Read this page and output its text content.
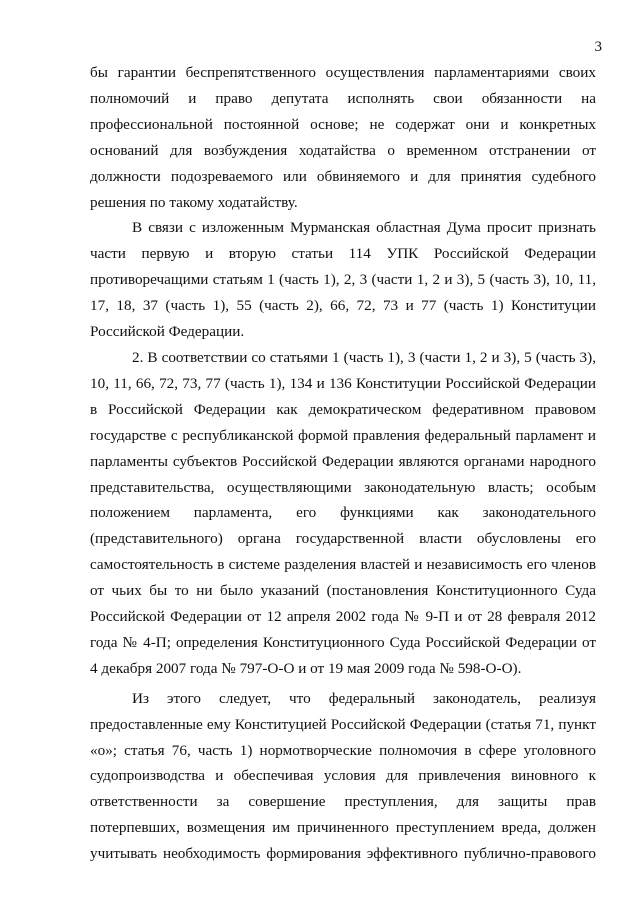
3

бы гарантии беспрепятственного осуществления парламентариями своих
полномочий и право депутата исполнять свои обязанности на
профессиональной постоянной основе; не содержат они и конкретных
оснований для возбуждения ходатайства о временном отстранении от
должности подозреваемого или обвиняемого и для принятия судебного
решения по такому ходатайству.

В связи с изложенным Мурманская областная Дума просит признать
части первую и вторую статьи 114 УПК Российской Федерации
противоречащими статьям 1 (часть 1), 2, 3 (части 1, 2 и 3), 5 (часть 3), 10, 11,
17, 18, 37 (часть 1), 55 (часть 2), 66, 72, 73 и 77 (часть 1) Конституции
Российской Федерации.

2. В соответствии со статьями 1 (часть 1), 3 (части 1, 2 и 3), 5 (часть 3),
10, 11, 66, 72, 73, 77 (часть 1), 134 и 136 Конституции Российской Федерации
в Российской Федерации как демократическом федеративном правовом
государстве с республиканской формой правления федеральный парламент и
парламенты субъектов Российской Федерации являются органами народного
представительства, осуществляющими законодательную власть; особым
положением парламента, его функциями как законодательного
(представительного) органа государственной власти обусловлены его
самостоятельность в системе разделения властей и независимость его членов
от чьих бы то ни было указаний (постановления Конституционного Суда
Российской Федерации от 12 апреля 2002 года № 9-П и от 28 февраля 2012
года № 4-П; определения Конституционного Суда Российской Федерации от
4 декабря 2007 года № 797-О-О и от 19 мая 2009 года № 598-О-О).

Из этого следует, что федеральный законодатель, реализуя
предоставленные ему Конституцией Российской Федерации (статья 71, пункт
«о»; статья 76, часть 1) нормотворческие полномочия в сфере уголовного
судопроизводства и обеспечивая условия для привлечения виновного к
ответственности за совершение преступления, для защиты прав
потерпевших, возмещения им причиненного преступлением вреда, должен
учитывать необходимость формирования эффективного публично-правового
